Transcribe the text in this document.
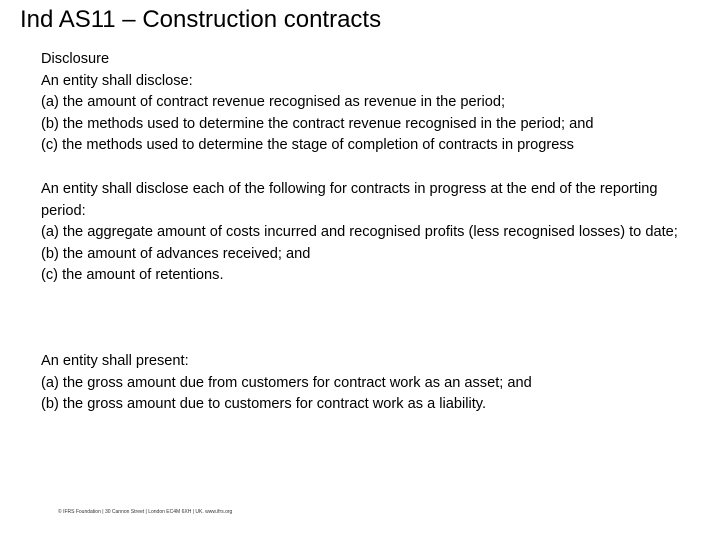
Ind AS11 – Construction contracts
Disclosure
An entity shall disclose:
(a) the amount of contract revenue recognised as revenue in the period;
(b) the methods used to determine the contract revenue recognised in the period; and
(c) the methods used to determine the stage of completion of contracts in progress
An entity shall disclose each of the following for contracts in progress at the end of the reporting period:
(a) the aggregate amount of costs incurred and recognised profits (less recognised losses) to date;
(b) the amount of advances received; and
(c) the amount of retentions.
An entity shall present:
(a) the gross amount due from customers for contract work as an asset; and
(b) the gross amount due to customers for contract work as a liability.
© IFRS Foundation | 30 Cannon Street | London EC4M 6XH | UK. www.ifrs.org
